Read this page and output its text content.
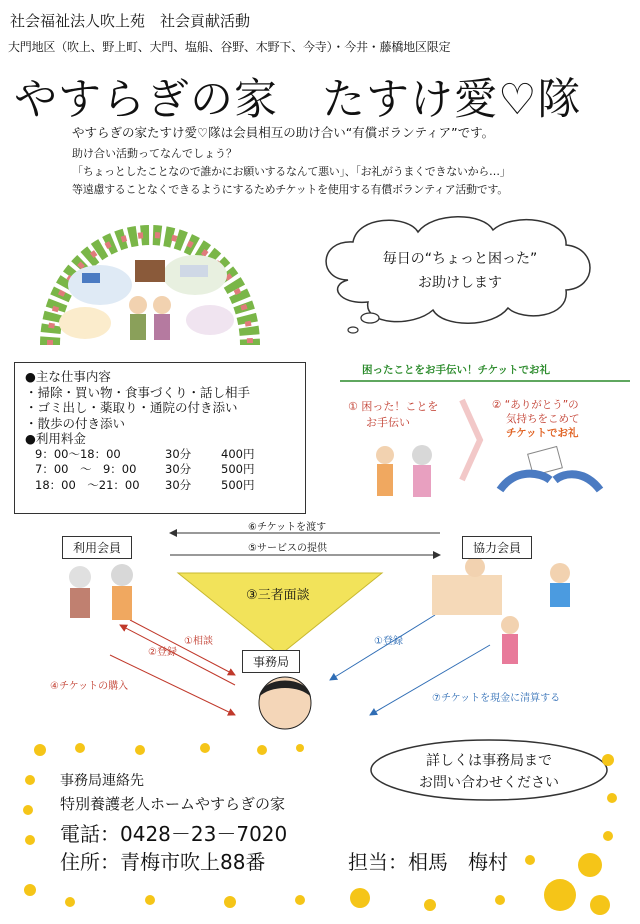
社会福祉法人吹上苑　社会貢献活動
大門地区（吹上、野上町、大門、塩船、谷野、木野下、今寺）・今井・藤橋地区限定
やすらぎの家　たすけ愛♡隊
やすらぎの家たすけ愛♡隊は会員相互の助け合い“有償ボランティア”です。
助け合い活動ってなんでしょう？
「ちょっとしたことなので誰かにお願いするなんて悪い」、「お礼がうまくできないから…」
等遠慮することなくできるようにするためチケットを使用する有償ボランティア活動です。
毎日の“ちょっと困った”
お助けします
●主な仕事内容
・掃除・買い物・食事づくり・話し相手
・ゴミ出し・薬取り・通院の付き添い
・散歩の付き添い
●利用料金
9：00～18：00	30分	400円
7：00　～　9：00	30分	500円
18：00　～21：00	30分	500円
困ったことをお手伝い！チケットでお礼
① 困った！ことを
お手伝い
② “ありがとう”の
気持ちをこめて
チケットでお礼
利用会員	協力会員
事務局
⑥チケットを渡す
⑤サービスの提供
③三者面談
①相談
②登録
④チケットの購入
①登録
⑦チケットを現金に清算する
詳しくは事務局まで
お問い合わせください
事務局連絡先
特別養護老人ホームやすらぎの家
電話：0428－23－7020
住所：青梅市吹上88番	担当：相馬　梅村
